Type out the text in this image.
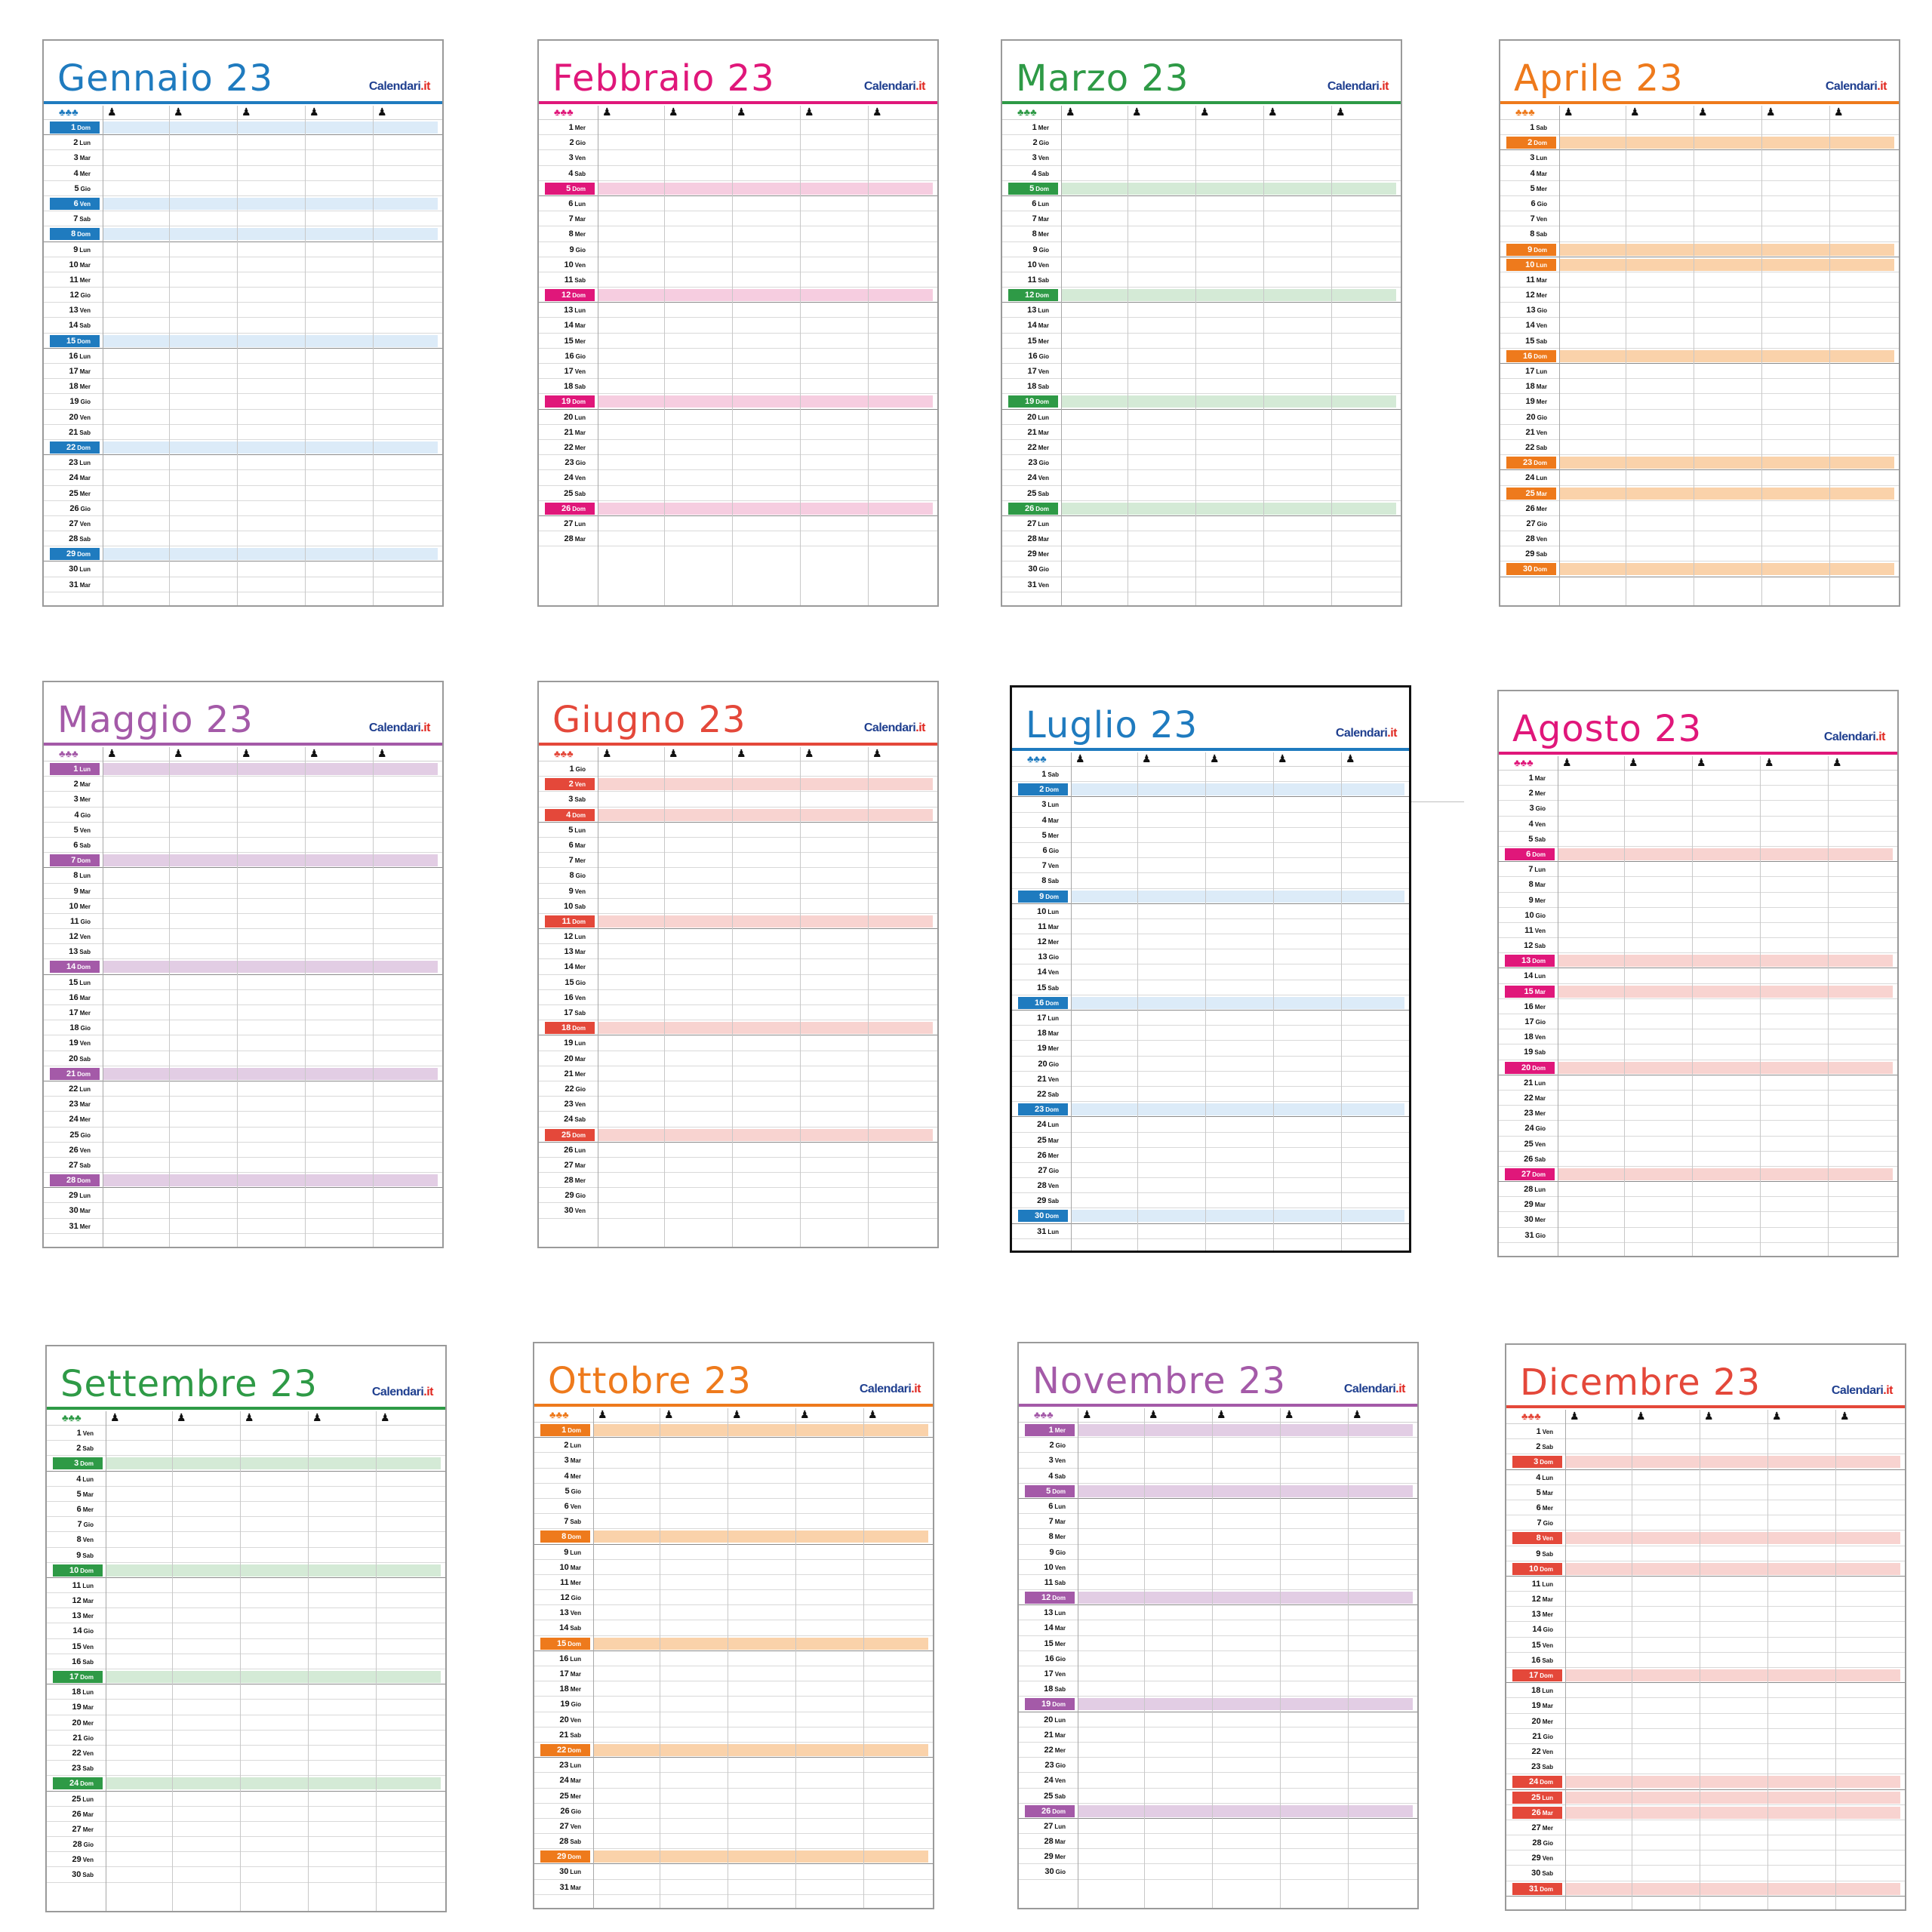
Gennaio 23	Calendari.it
♣♣♣	♟	♟	♟	♟	♟
1 Dom
2 Lun
3 Mar
4 Mer
5 Gio
6 Ven
7 Sab
8 Dom
9 Lun
10 Mar
11 Mer
12 Gio
13 Ven
14 Sab
15 Dom
16 Lun
17 Mar
18 Mer
19 Gio
20 Ven
21 Sab
22 Dom
23 Lun
24 Mar
25 Mer
26 Gio
27 Ven
28 Sab
29 Dom
30 Lun
31 Mar
Febbraio 23	Calendari.it
♣♣♣	♟	♟	♟	♟	♟
1 Mer
2 Gio
3 Ven
4 Sab
5 Dom
6 Lun
7 Mar
8 Mer
9 Gio
10 Ven
11 Sab
12 Dom
13 Lun
14 Mar
15 Mer
16 Gio
17 Ven
18 Sab
19 Dom
20 Lun
21 Mar
22 Mer
23 Gio
24 Ven
25 Sab
26 Dom
27 Lun
28 Mar
Marzo 23	Calendari.it
♣♣♣	♟	♟	♟	♟	♟
1 Mer
2 Gio
3 Ven
4 Sab
5 Dom
6 Lun
7 Mar
8 Mer
9 Gio
10 Ven
11 Sab
12 Dom
13 Lun
14 Mar
15 Mer
16 Gio
17 Ven
18 Sab
19 Dom
20 Lun
21 Mar
22 Mer
23 Gio
24 Ven
25 Sab
26 Dom
27 Lun
28 Mar
29 Mer
30 Gio
31 Ven
Aprile 23	Calendari.it
♣♣♣	♟	♟	♟	♟	♟
1 Sab
2 Dom
3 Lun
4 Mar
5 Mer
6 Gio
7 Ven
8 Sab
9 Dom
10 Lun
11 Mar
12 Mer
13 Gio
14 Ven
15 Sab
16 Dom
17 Lun
18 Mar
19 Mer
20 Gio
21 Ven
22 Sab
23 Dom
24 Lun
25 Mar
26 Mer
27 Gio
28 Ven
29 Sab
30 Dom
Maggio 23	Calendari.it
♣♣♣	♟	♟	♟	♟	♟
1 Lun
2 Mar
3 Mer
4 Gio
5 Ven
6 Sab
7 Dom
8 Lun
9 Mar
10 Mer
11 Gio
12 Ven
13 Sab
14 Dom
15 Lun
16 Mar
17 Mer
18 Gio
19 Ven
20 Sab
21 Dom
22 Lun
23 Mar
24 Mer
25 Gio
26 Ven
27 Sab
28 Dom
29 Lun
30 Mar
31 Mer
Giugno 23	Calendari.it
♣♣♣	♟	♟	♟	♟	♟
1 Gio
2 Ven
3 Sab
4 Dom
5 Lun
6 Mar
7 Mer
8 Gio
9 Ven
10 Sab
11 Dom
12 Lun
13 Mar
14 Mer
15 Gio
16 Ven
17 Sab
18 Dom
19 Lun
20 Mar
21 Mer
22 Gio
23 Ven
24 Sab
25 Dom
26 Lun
27 Mar
28 Mer
29 Gio
30 Ven
Luglio 23	Calendari.it
♣♣♣	♟	♟	♟	♟	♟
1 Sab
2 Dom
3 Lun
4 Mar
5 Mer
6 Gio
7 Ven
8 Sab
9 Dom
10 Lun
11 Mar
12 Mer
13 Gio
14 Ven
15 Sab
16 Dom
17 Lun
18 Mar
19 Mer
20 Gio
21 Ven
22 Sab
23 Dom
24 Lun
25 Mar
26 Mer
27 Gio
28 Ven
29 Sab
30 Dom
31 Lun
Agosto 23	Calendari.it
♣♣♣	♟	♟	♟	♟	♟
1 Mar
2 Mer
3 Gio
4 Ven
5 Sab
6 Dom
7 Lun
8 Mar
9 Mer
10 Gio
11 Ven
12 Sab
13 Dom
14 Lun
15 Mar
16 Mer
17 Gio
18 Ven
19 Sab
20 Dom
21 Lun
22 Mar
23 Mer
24 Gio
25 Ven
26 Sab
27 Dom
28 Lun
29 Mar
30 Mer
31 Gio
Settembre 23	Calendari.it
♣♣♣	♟	♟	♟	♟	♟
1 Ven
2 Sab
3 Dom
4 Lun
5 Mar
6 Mer
7 Gio
8 Ven
9 Sab
10 Dom
11 Lun
12 Mar
13 Mer
14 Gio
15 Ven
16 Sab
17 Dom
18 Lun
19 Mar
20 Mer
21 Gio
22 Ven
23 Sab
24 Dom
25 Lun
26 Mar
27 Mer
28 Gio
29 Ven
30 Sab
Ottobre 23	Calendari.it
♣♣♣	♟	♟	♟	♟	♟
1 Dom
2 Lun
3 Mar
4 Mer
5 Gio
6 Ven
7 Sab
8 Dom
9 Lun
10 Mar
11 Mer
12 Gio
13 Ven
14 Sab
15 Dom
16 Lun
17 Mar
18 Mer
19 Gio
20 Ven
21 Sab
22 Dom
23 Lun
24 Mar
25 Mer
26 Gio
27 Ven
28 Sab
29 Dom
30 Lun
31 Mar
Novembre 23	Calendari.it
♣♣♣	♟	♟	♟	♟	♟
1 Mer
2 Gio
3 Ven
4 Sab
5 Dom
6 Lun
7 Mar
8 Mer
9 Gio
10 Ven
11 Sab
12 Dom
13 Lun
14 Mar
15 Mer
16 Gio
17 Ven
18 Sab
19 Dom
20 Lun
21 Mar
22 Mer
23 Gio
24 Ven
25 Sab
26 Dom
27 Lun
28 Mar
29 Mer
30 Gio
Dicembre 23	Calendari.it
♣♣♣	♟	♟	♟	♟	♟
1 Ven
2 Sab
3 Dom
4 Lun
5 Mar
6 Mer
7 Gio
8 Ven
9 Sab
10 Dom
11 Lun
12 Mar
13 Mer
14 Gio
15 Ven
16 Sab
17 Dom
18 Lun
19 Mar
20 Mer
21 Gio
22 Ven
23 Sab
24 Dom
25 Lun
26 Mar
27 Mer
28 Gio
29 Ven
30 Sab
31 Dom
